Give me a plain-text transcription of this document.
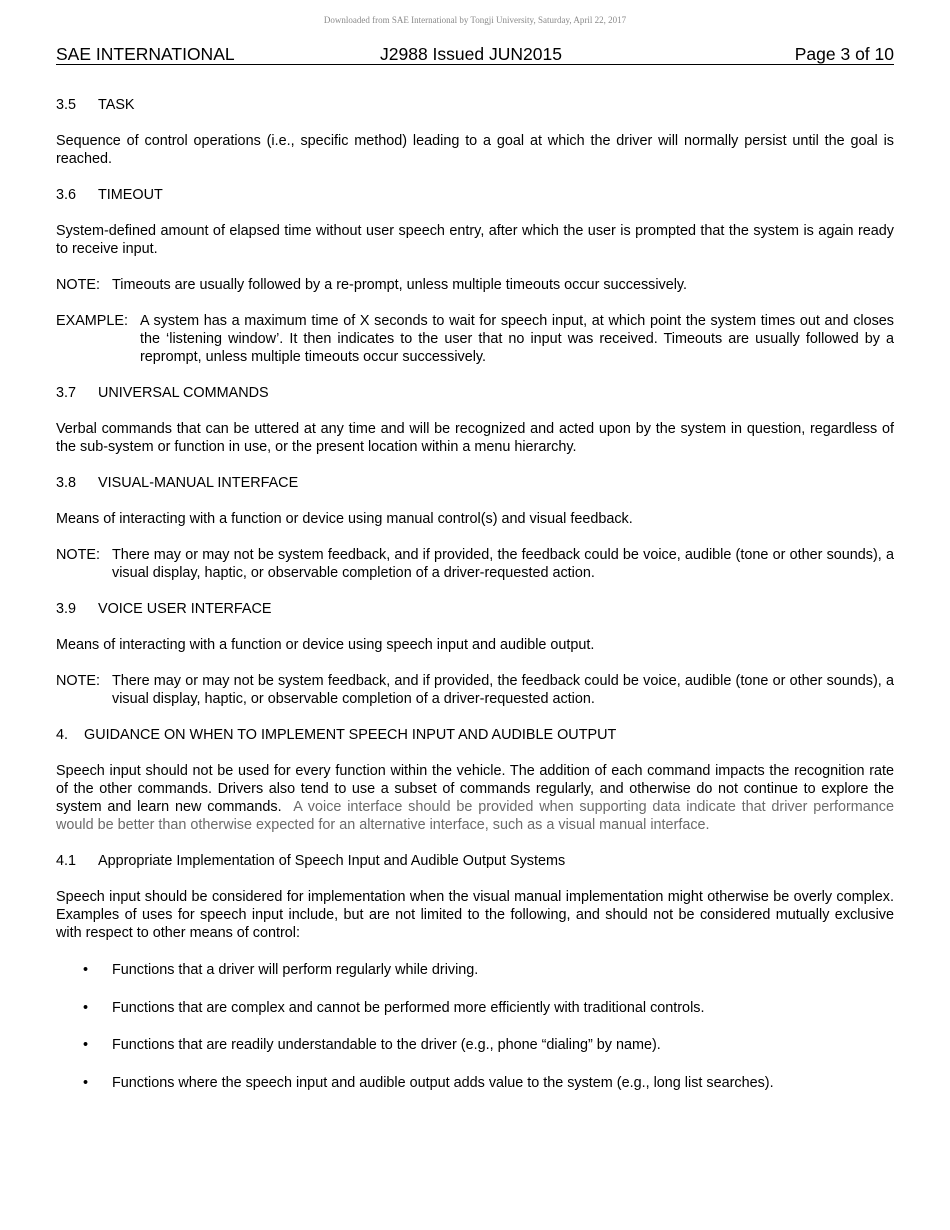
Downloaded from SAE International by Tongji University, Saturday, April 22, 2017
SAE INTERNATIONAL	J2988 Issued JUN2015	Page 3 of 10
3.5	TASK

Sequence of control operations (i.e., specific method) leading to a goal at which the driver will normally persist until the goal is reached.

3.6	TIMEOUT

System-defined amount of elapsed time without user speech entry, after which the user is prompted that the system is again ready to receive input.

NOTE: Timeouts are usually followed by a re-prompt, unless multiple timeouts occur successively.
EXAMPLE: A system has a maximum time of X seconds to wait for speech input, at which point the system times out and closes the ‘listening window’. It then indicates to the user that no input was received. Timeouts are usually followed by a reprompt, unless multiple timeouts occur successively.
3.7	UNIVERSAL COMMANDS

Verbal commands that can be uttered at any time and will be recognized and acted upon by the system in question, regardless of the sub-system or function in use, or the present location within a menu hierarchy.

3.8	VISUAL-MANUAL INTERFACE

Means of interacting with a function or device using manual control(s) and visual feedback.

NOTE: There may or may not be system feedback, and if provided, the feedback could be voice, audible (tone or other sounds), a visual display, haptic, or observable completion of a driver-requested action.
3.9	VOICE USER INTERFACE

Means of interacting with a function or device using speech input and audible output.

NOTE: There may or may not be system feedback, and if provided, the feedback could be voice, audible (tone or other sounds), a visual display, haptic, or observable completion of a driver-requested action.
4.	GUIDANCE ON WHEN TO IMPLEMENT SPEECH INPUT AND AUDIBLE OUTPUT

Speech input should not be used for every function within the vehicle. The addition of each command impacts the recognition rate of the other commands. Drivers also tend to use a subset of commands regularly, and otherwise do not continue to explore the system and learn new commands. A voice interface should be provided when supporting data indicate that driver performance would be better than otherwise expected for an alternative interface, such as a visual manual interface.

4.1	Appropriate Implementation of Speech Input and Audible Output Systems

Speech input should be considered for implementation when the visual manual implementation might otherwise be overly complex. Examples of uses for speech input include, but are not limited to the following, and should not be considered mutually exclusive with respect to other means of control:

•	Functions that a driver will perform regularly while driving.
•	Functions that are complex and cannot be performed more efficiently with traditional controls.
•	Functions that are readily understandable to the driver (e.g., phone “dialing” by name).
•	Functions where the speech input and audible output adds value to the system (e.g., long list searches).
